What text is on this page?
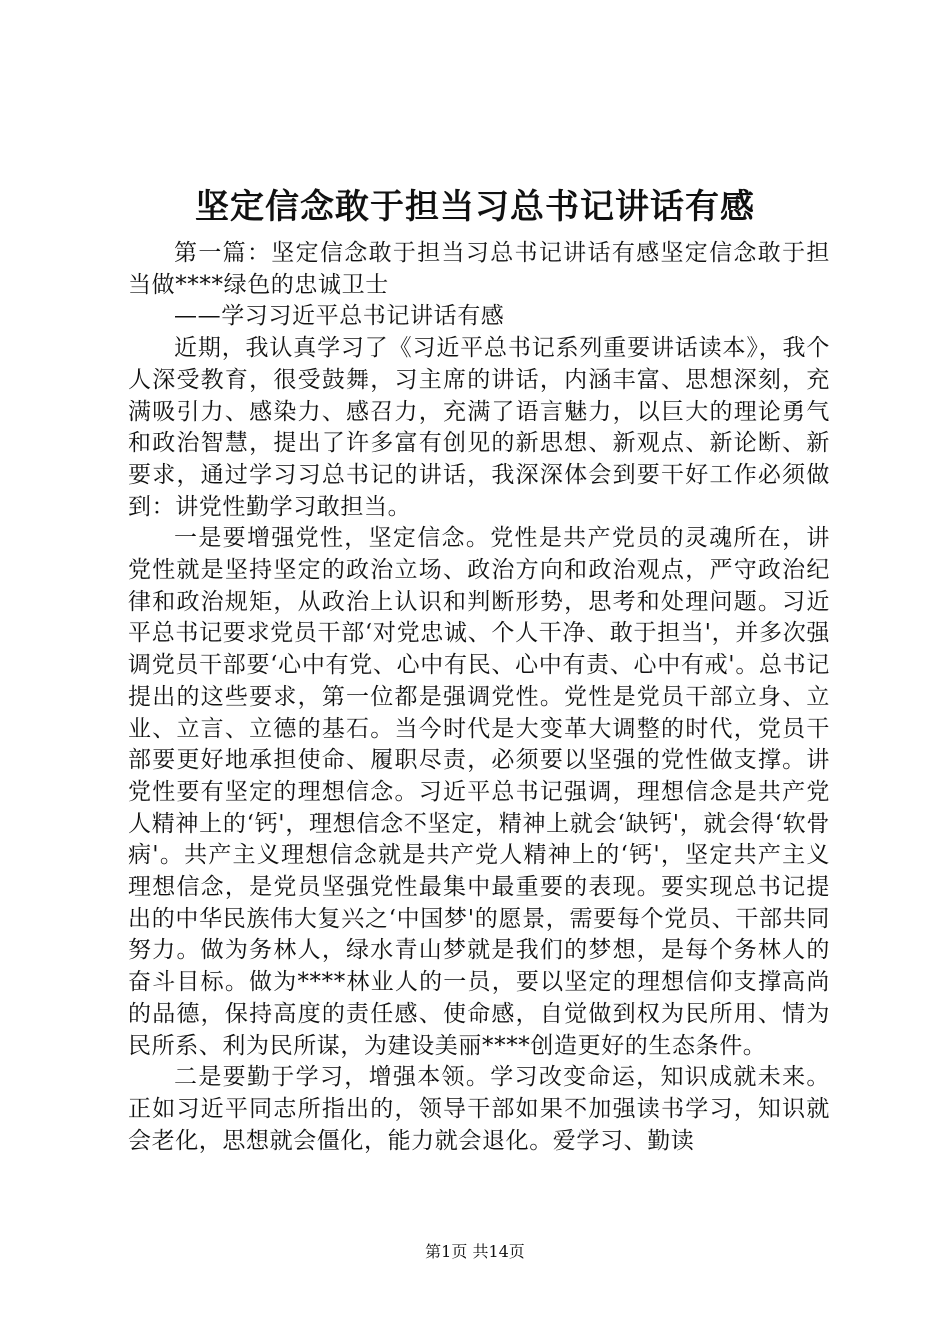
坚定信念敢于担当习总书记讲话有感

第一篇：坚定信念敢于担当习总书记讲话有感坚定信念敢于担当做****绿色的忠诚卫士

——学习习近平总书记讲话有感

近期，我认真学习了《习近平总书记系列重要讲话读本》，我个人深受教育，很受鼓舞，习主席的讲话，内涵丰富、思想深刻，充满吸引力、感染力、感召力，充满了语言魅力，以巨大的理论勇气和政治智慧，提出了许多富有创见的新思想、新观点、新论断、新要求，通过学习习总书记的讲话，我深深体会到要干好工作必须做到：讲党性勤学习敢担当。

一是要增强党性，坚定信念。党性是共产党员的灵魂所在，讲党性就是坚持坚定的政治立场、政治方向和政治观点，严守政治纪律和政治规矩，从政治上认识和判断形势，思考和处理问题。习近平总书记要求党员干部‘对党忠诚、个人干净、敢于担当'，并多次强调党员干部要‘心中有党、心中有民、心中有责、心中有戒'。总书记提出的这些要求，第一位都是强调党性。党性是党员干部立身、立业、立言、立德的基石。当今时代是大变革大调整的时代，党员干部要更好地承担使命、履职尽责，必须要以坚强的党性做支撑。讲党性要有坚定的理想信念。习近平总书记强调，理想信念是共产党人精神上的‘钙'，理想信念不坚定，精神上就会‘缺钙'，就会得‘软骨病'。共产主义理想信念就是共产党人精神上的‘钙'，坚定共产主义理想信念，是党员坚强党性最集中最重要的表现。要实现总书记提出的中华民族伟大复兴之‘中国梦'的愿景，需要每个党员、干部共同努力。做为务林人，绿水青山梦就是我们的梦想，是每个务林人的奋斗目标。做为****林业人的一员，要以坚定的理想信仰支撑高尚的品德，保持高度的责任感、使命感，自觉做到权为民所用、情为民所系、利为民所谋，为建设美丽****创造更好的生态条件。

二是要勤于学习，增强本领。学习改变命运，知识成就未来。正如习近平同志所指出的，领导干部如果不加强读书学习，知识就会老化，思想就会僵化，能力就会退化。爱学习、勤读

第1页 共14页
